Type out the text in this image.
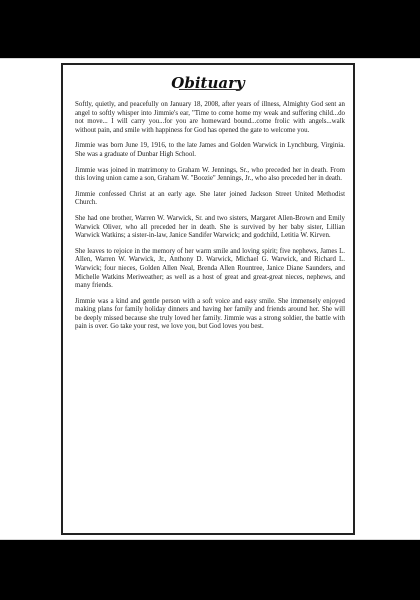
Obituary

Softly, quietly, and peacefully on January 18, 2008, after years of illness, Almighty God sent an angel to softly whisper into Jimmie's ear, "Time to come home my weak and suffering child...do not move... I will carry you...for you are homeward bound...come frolic with angels...walk without pain, and smile with happiness for God has opened the gate to welcome you.

Jimmie was born June 19, 1916, to the late James and Golden Warwick in Lynchburg, Virginia. She was a graduate of Dunbar High School.

Jimmie was joined in matrimony to Graham W. Jennings, Sr., who preceded her in death. From this loving union came a son, Graham W. "Boozie" Jennings, Jr., who also preceded her in death.

Jimmie confessed Christ at an early age. She later joined Jackson Street United Methodist Church.

She had one brother, Warren W. Warwick, Sr. and two sisters, Margaret Allen-Brown and Emily Warwick Oliver, who all preceded her in death. She is survived by her baby sister, Lillian Warwick Watkins; a sister-in-law, Janice Sandifer Warwick; and godchild, Letitia W. Kirven.

She leaves to rejoice in the memory of her warm smile and loving spirit; five nephews, James L. Allen, Warren W. Warwick, Jr., Anthony D. Warwick, Michael G. Warwick, and Richard L. Warwick; four nieces, Golden Allen Neal, Brenda Allen Rountree, Janice Diane Saunders, and Michelle Watkins Meriweather; as well as a host of great and great-great nieces, nephews, and many friends.

Jimmie was a kind and gentle person with a soft voice and easy smile. She immensely enjoyed making plans for family holiday dinners and having her family and friends around her. She will be deeply missed because she truly loved her family. Jimmie was a strong soldier, the battle with pain is over. Go take your rest, we love you, but God loves you best.
